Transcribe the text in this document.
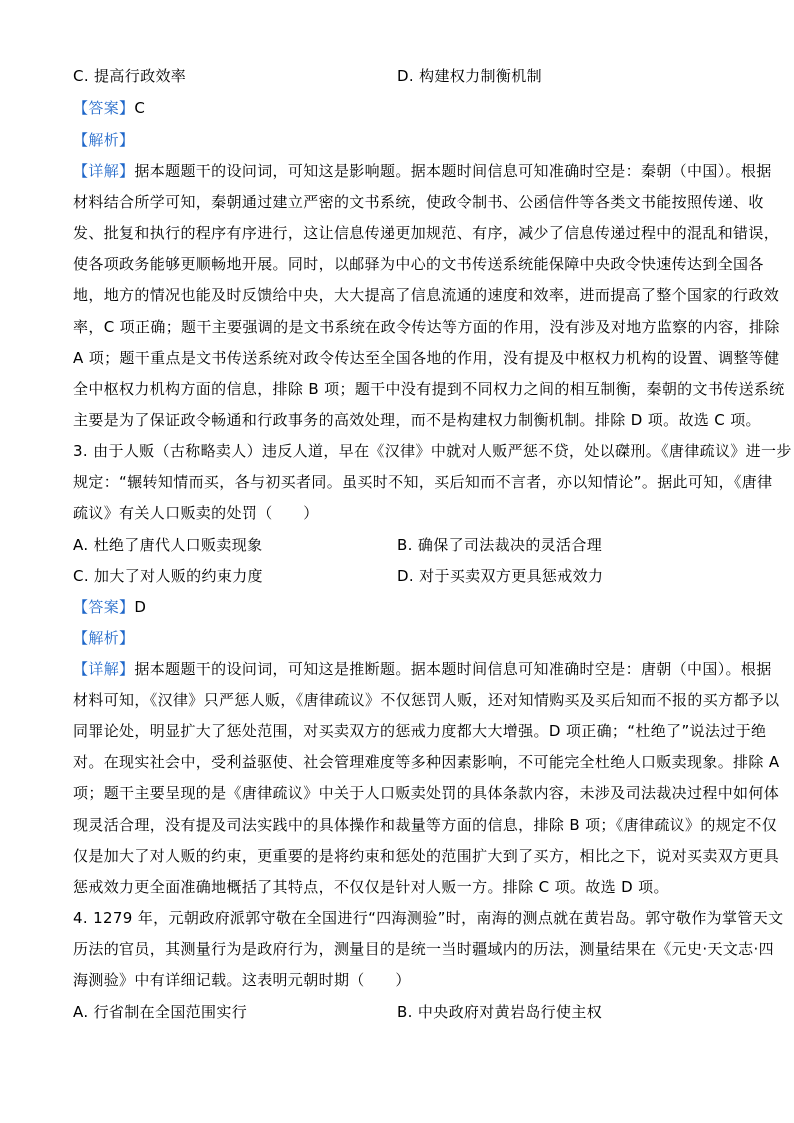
C. 提高行政效率	D. 构建权力制衡机制
【答案】C
【解析】
【详解】据本题题干的设问词，可知这是影响题。据本题时间信息可知准确时空是：秦朝（中国）。根据
材料结合所学可知，秦朝通过建立严密的文书系统，使政令制书、公函信件等各类文书能按照传递、收
发、批复和执行的程序有序进行，这让信息传递更加规范、有序，减少了信息传递过程中的混乱和错误，
使各项政务能够更顺畅地开展。同时，以邮驿为中心的文书传送系统能保障中央政令快速传达到全国各
地，地方的情况也能及时反馈给中央，大大提高了信息流通的速度和效率，进而提高了整个国家的行政效
率，C 项正确；题干主要强调的是文书系统在政令传达等方面的作用，没有涉及对地方监察的内容，排除
A 项；题干重点是文书传送系统对政令传达至全国各地的作用，没有提及中枢权力机构的设置、调整等健
全中枢权力机构方面的信息，排除 B 项；题干中没有提到不同权力之间的相互制衡，秦朝的文书传送系统
主要是为了保证政令畅通和行政事务的高效处理，而不是构建权力制衡机制。排除 D 项。故选 C 项。
3. 由于人贩（古称略卖人）违反人道，早在《汉律》中就对人贩严惩不贷，处以磔刑。《唐律疏议》进一步
规定：“辗转知情而买，各与初买者同。虽买时不知，买后知而不言者，亦以知情论”。据此可知，《唐律
疏议》有关人口贩卖的处罚（　　）
A. 杜绝了唐代人口贩卖现象	B. 确保了司法裁决的灵活合理
C. 加大了对人贩的约束力度	D. 对于买卖双方更具惩戒效力
【答案】D
【解析】
【详解】据本题题干的设问词，可知这是推断题。据本题时间信息可知准确时空是：唐朝（中国）。根据
材料可知，《汉律》只严惩人贩，《唐律疏议》不仅惩罚人贩，还对知情购买及买后知而不报的买方都予以
同罪论处，明显扩大了惩处范围，对买卖双方的惩戒力度都大大增强。D 项正确；“杜绝了”说法过于绝
对。在现实社会中，受利益驱使、社会管理难度等多种因素影响，不可能完全杜绝人口贩卖现象。排除 A
项；题干主要呈现的是《唐律疏议》中关于人口贩卖处罚的具体条款内容，未涉及司法裁决过程中如何体
现灵活合理，没有提及司法实践中的具体操作和裁量等方面的信息，排除 B 项；《唐律疏议》的规定不仅
仅是加大了对人贩的约束，更重要的是将约束和惩处的范围扩大到了买方，相比之下，说对买卖双方更具
惩戒效力更全面准确地概括了其特点，不仅仅是针对人贩一方。排除 C 项。故选 D 项。
4. 1279 年，元朝政府派郭守敬在全国进行“四海测验”时，南海的测点就在黄岩岛。郭守敬作为掌管天文
历法的官员，其测量行为是政府行为，测量目的是统一当时疆域内的历法，测量结果在《元史·天文志·四
海测验》中有详细记载。这表明元朝时期（　　）
A. 行省制在全国范围实行	B. 中央政府对黄岩岛行使主权
